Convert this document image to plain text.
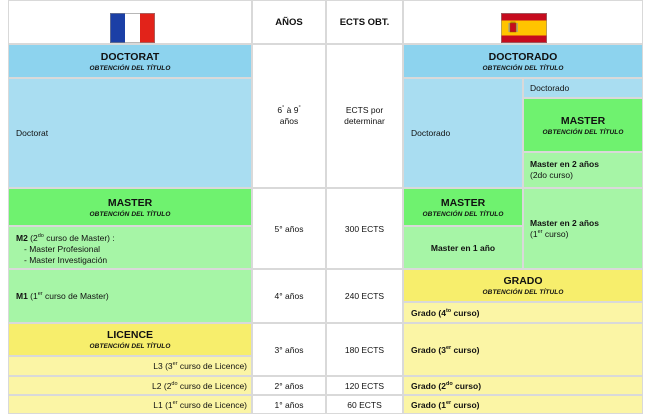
AÑOS	ECTS OBT.
DOCTORAT
OBTENCIÓN DEL TÍTULO
Doctorat
MASTER
OBTENCIÓN DEL TÍTULO
M2 ($2^{do}$ curso de Master) :
- Master Profesional
- Master Investigación
M1 (1er curso de Master)
LICENCE
OBTENCIÓN DEL TÍTULO
L3 (3er curso de Licence)
L2 ($2^{do}$ curso de Licence)
L1 (1er curso de Licence)
6° à 9°
años
5° años
4° años
3° años
2° años
1° años
ECTS por
determinar
300 ECTS
240 ECTS
180 ECTS
120 ECTS
60 ECTS
DOCTORADO
OBTENCIÓN DEL TÍTULO
Doctorado
Doctorado
MASTER
OBTENCIÓN DEL TÍTULO
Master en 2 años
(2do curso)
MASTER
OBTENCIÓN DEL TÍTULO
Master en 1 año
Master en 2 años
(1er curso)
GRADO
OBTENCIÓN DEL TÍTULO
Grado ($4^{to}$ curso)
Grado (3er curso)
Grado ($2^{do}$ curso)
Grado (1er curso)
